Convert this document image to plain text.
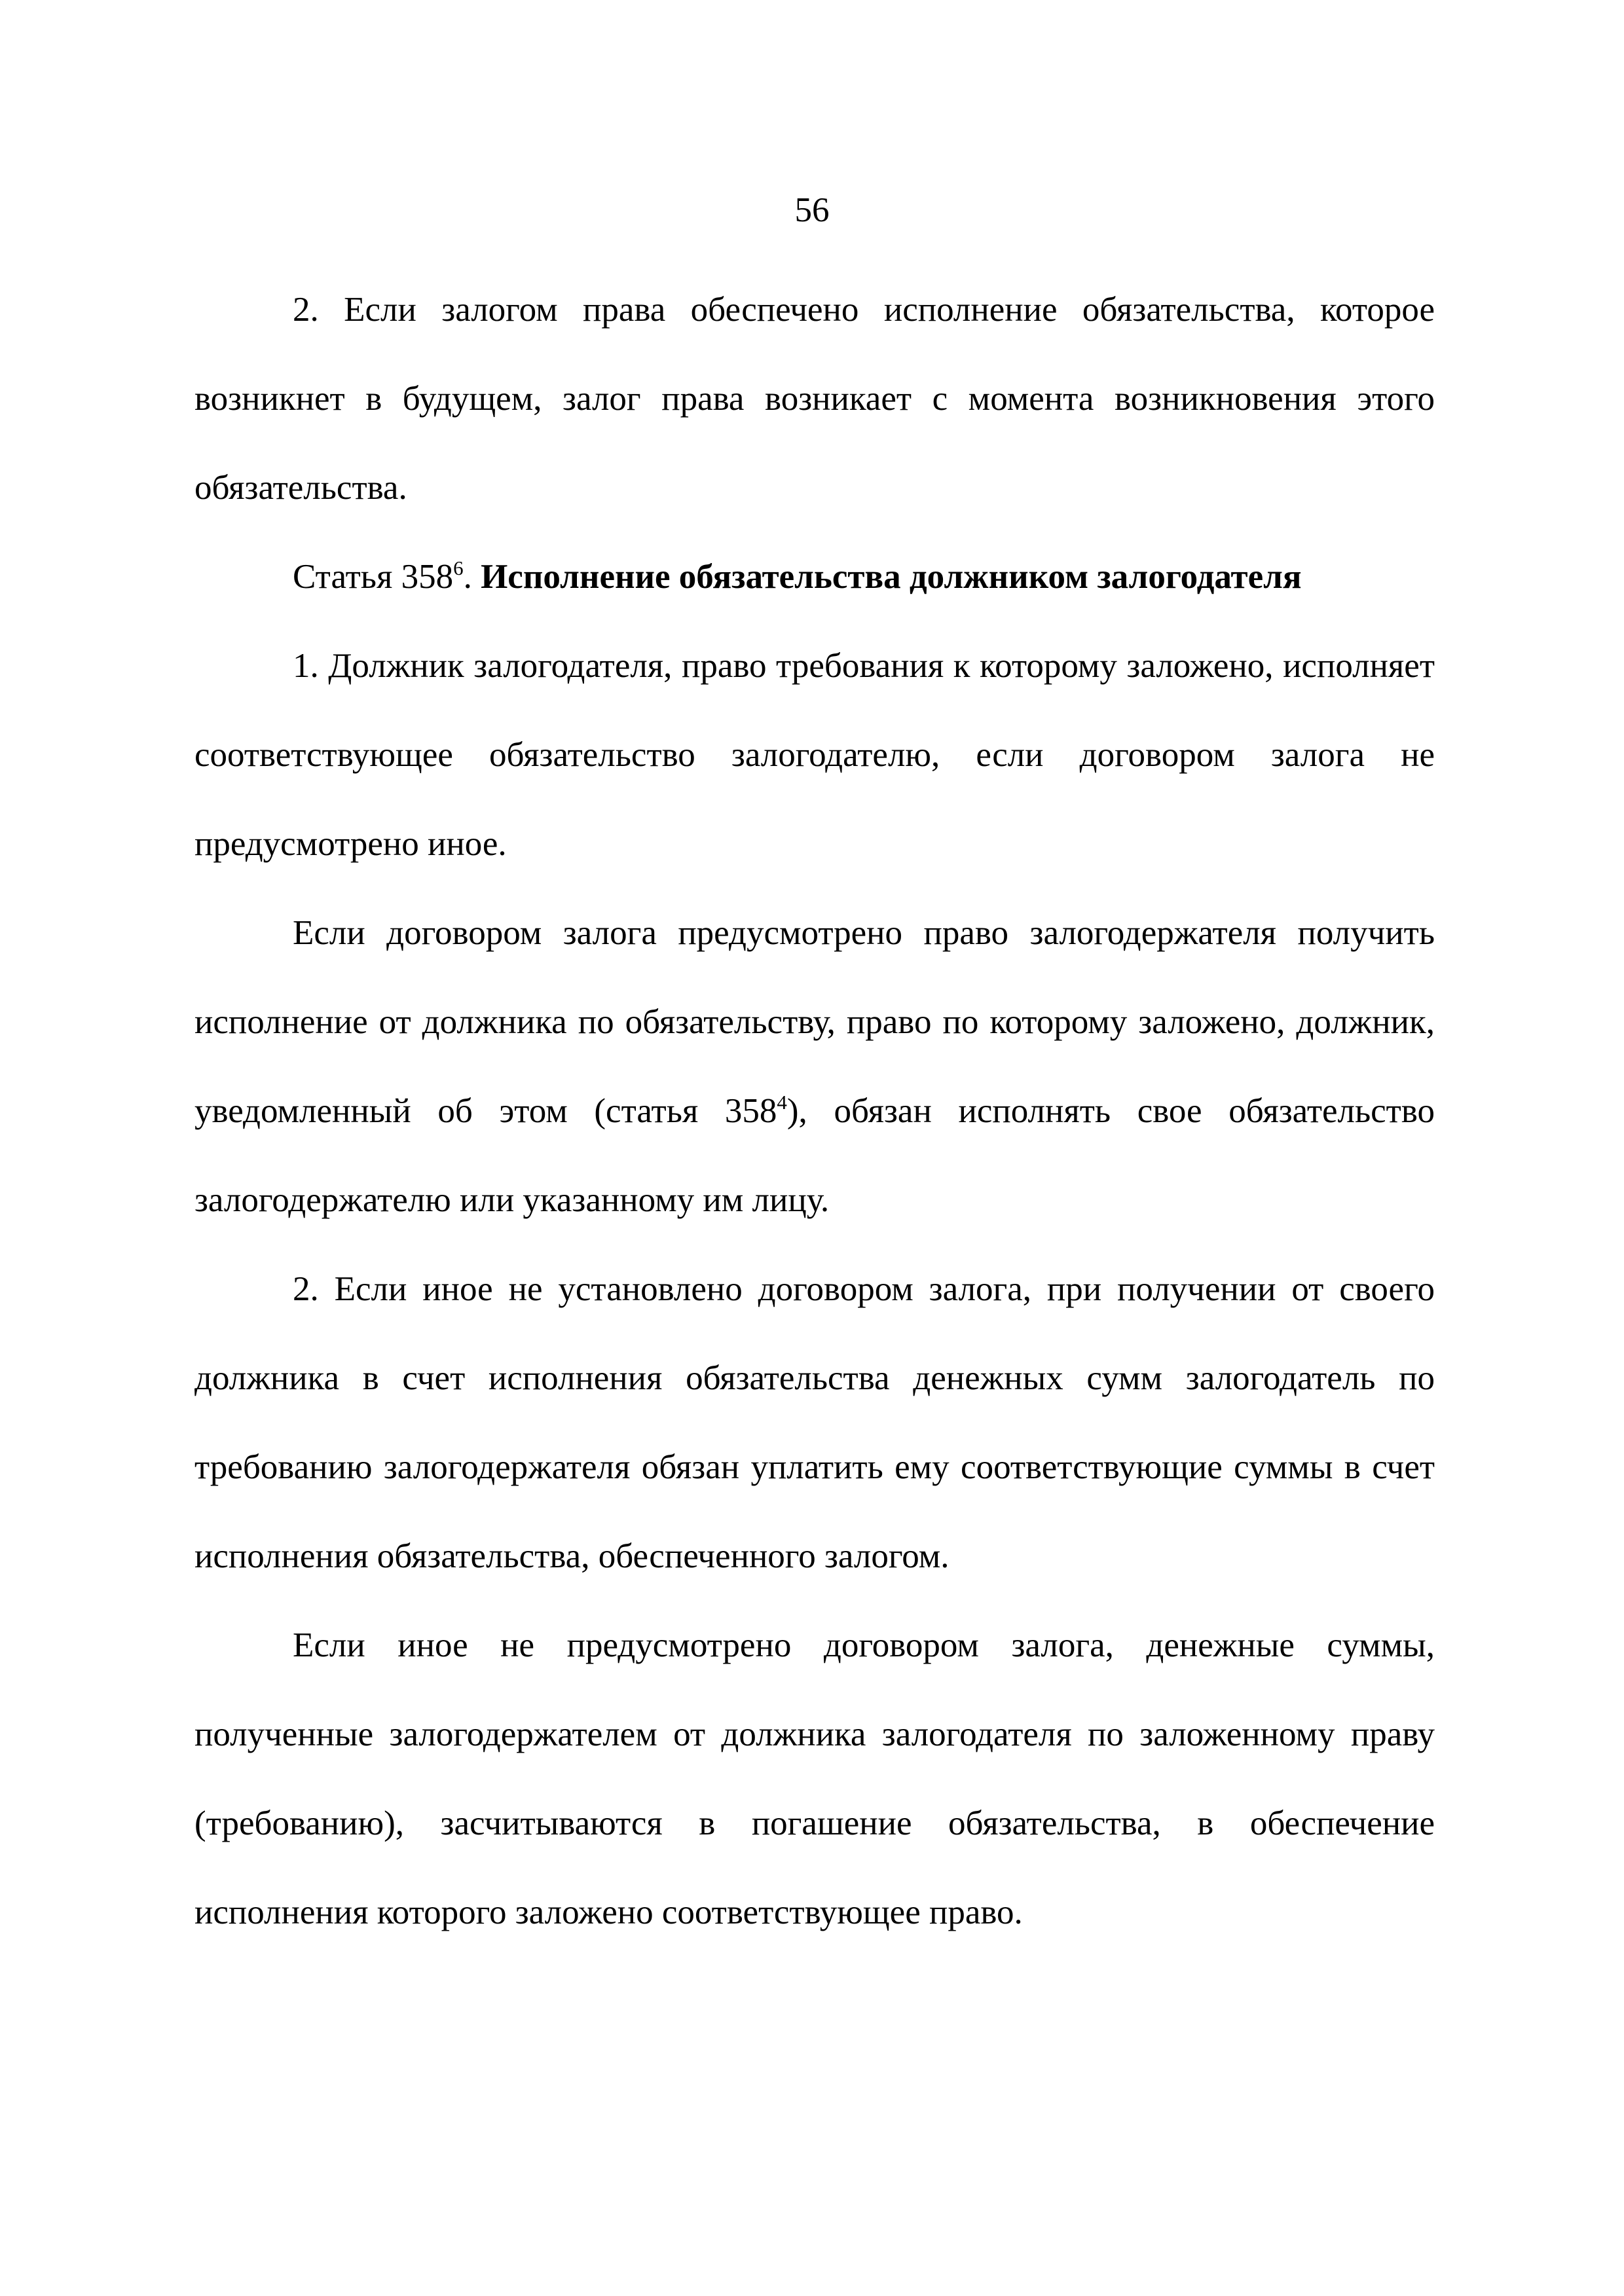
56

2. Если залогом права обеспечено исполнение обязательства, которое возникнет в будущем, залог права возникает с момента возникновения этого обязательства.

Статья $358^6$. Исполнение обязательства должником залогодателя

1. Должник залогодателя, право требования к которому заложено, исполняет соответствующее обязательство залогодателю, если договором залога не предусмотрено иное.

Если договором залога предусмотрено право залогодержателя получить исполнение от должника по обязательству, право по которому заложено, должник, уведомленный об этом (статья $358^4$), обязан исполнять свое обязательство залогодержателю или указанному им лицу.

2. Если иное не установлено договором залога, при получении от своего должника в счет исполнения обязательства денежных сумм залогодатель по требованию залогодержателя обязан уплатить ему соответствующие суммы в счет исполнения обязательства, обеспеченного залогом.

Если иное не предусмотрено договором залога, денежные суммы, полученные залогодержателем от должника залогодателя по заложенному праву (требованию), засчитываются в погашение обязательства, в обеспечение исполнения которого заложено соответствующее право.
